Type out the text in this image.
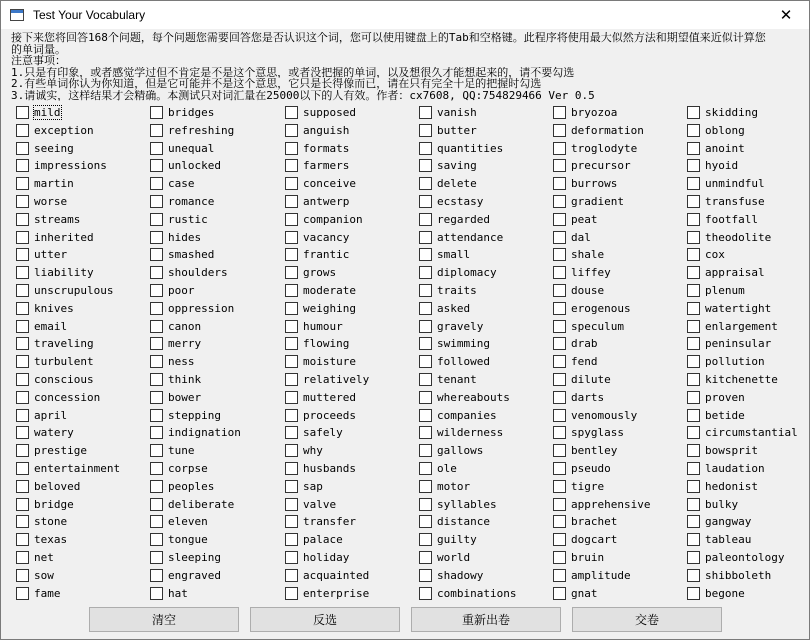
Test Your Vocabulary	✕
接下来您将回答168个问题，每个问题您需要回答您是否认识这个词，您可以使用键盘上的Tab和空格键。此程序将使用最大似然方法和期望值来近似计算您
的单词量。
注意事项：
1.只是有印象，或者感觉学过但不肯定是不是这个意思，或者没把握的单词，以及想很久才能想起来的，请不要勾选
2.有些单词你认为你知道，但是它可能并不是这个意思，它只是长得像而已，请在只有完全十足的把握时勾选
3.请诚实，这样结果才会精确。本测试只对词汇量在25000以下的人有效。作者：cx7608, QQ:754829466 Ver 0.5
mild
exception
seeing
impressions
martin
worse
streams
inherited
utter
liability
unscrupulous
knives
email
traveling
turbulent
conscious
concession
april
watery
prestige
entertainment
beloved
bridge
stone
texas
net
sow
fame
bridges
refreshing
unequal
unlocked
case
romance
rustic
hides
smashed
shoulders
poor
oppression
canon
merry
ness
think
bower
stepping
indignation
tune
corpse
peoples
deliberate
eleven
tongue
sleeping
engraved
hat
supposed
anguish
formats
farmers
conceive
antwerp
companion
vacancy
frantic
grows
moderate
weighing
humour
flowing
moisture
relatively
muttered
proceeds
safely
why
husbands
sap
valve
transfer
palace
holiday
acquainted
enterprise
vanish
butter
quantities
saving
delete
ecstasy
regarded
attendance
small
diplomacy
traits
asked
gravely
swimming
followed
tenant
whereabouts
companies
wilderness
gallows
ole
motor
syllables
distance
guilty
world
shadowy
combinations
bryozoa
deformation
troglodyte
precursor
burrows
gradient
peat
dal
shale
liffey
douse
erogenous
speculum
drab
fend
dilute
darts
venomously
spyglass
bentley
pseudo
tigre
apprehensive
brachet
dogcart
bruin
amplitude
gnat
skidding
oblong
anoint
hyoid
unmindful
transfuse
footfall
theodolite
cox
appraisal
plenum
watertight
enlargement
peninsular
pollution
kitchenette
proven
betide
circumstantial
bowsprit
laudation
hedonist
bulky
gangway
tableau
paleontology
shibboleth
begone
清空	反选	重新出卷	交卷
